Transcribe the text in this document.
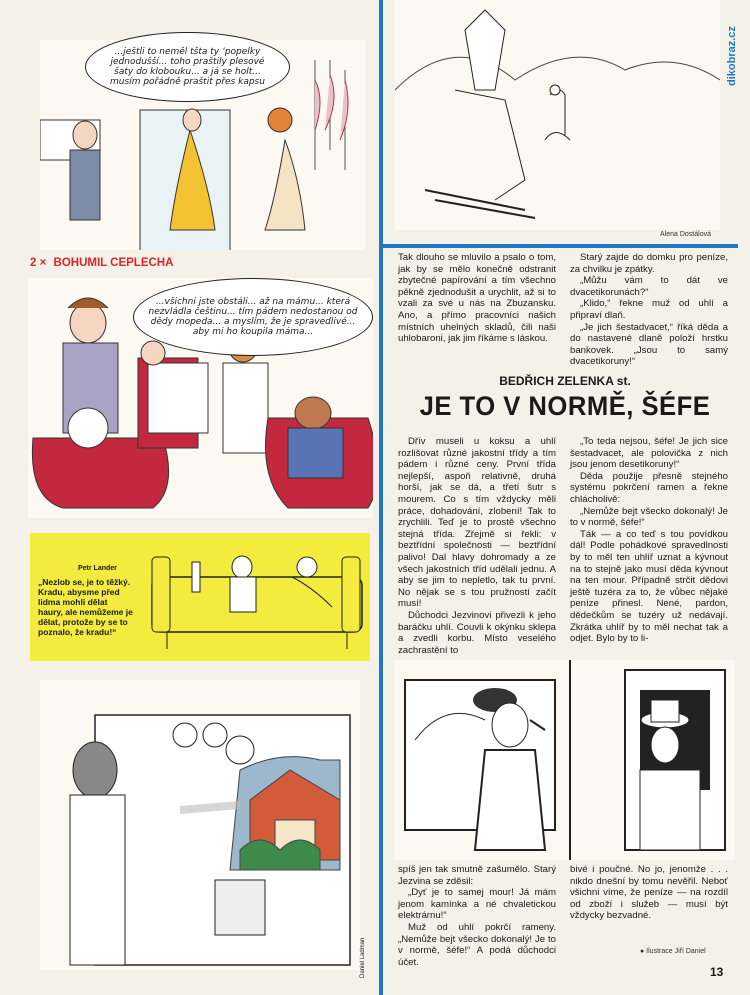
dikobraz.cz
...ještli to neměl tšta ty ‘popelky jednodušší... toho praštily plesové šaty do klobouku... a já se holt... musím pořádně praštit přes kapsu
2 × BOHUMIL CEPLECHA
...všichni jste obstáli... až na mámu... která nezvládla češtinu... tím pádem nedostanou od dědy mopeda... a myslím, že je spravedlivé... aby mi ho koupila máma...
Petr Lander
„Nezlob se, je to těžký. Kradu, abysme před lidma mohli dělat haury, ale nemůžeme je dělat, protože by se to poznalo, že kradu!“
Daniel Ladman
Alena Dostálová

Tak dlouho se mluvilo a psalo o tom, jak by se mělo konečně odstranit zbytečné papírování a tím všechno pěkně zjednodušit a urychlit, až si to vzali za své u nás na Zbuzansku. Ano, a přímo pracovníci našich místních uhelných skladů, čili naši uhlobaroni, jak jim říkáme s láskou.

Starý zajde do domku pro peníze, za chvilku je zpátky.

„Můžu vám to dát ve dvacetikorunách?“

„Klido,“ řekne muž od uhlí a připraví dlaň.

„Je jich šestadvacet,“ říká děda a do nastavené dlaně položí hrstku bankovek. „Jsou to samý dvacetikoruny!“

BEDŘICH ZELENKA st.
JE TO V NORMĚ, ŠÉFE

Dřív museli u koksu a uhlí rozlišovat různé jakostní třídy a tím pádem i různé ceny. První třída nejlepší, aspoň relativně, druhá horší, jak se dá, a třetí šutr s mourem. Co s tím vždycky měli práce, dohadování, zlobení! Tak to zrychlili. Teď je to prostě všechno stejná třída. Zřejmě si řekli: v beztřídní společnosti — beztřídní palivo! Dal hlavy dohromady a ze všech jakostních tříd udělali jednu. A aby se jim to nepletlo, tak tu první. No nějak se s tou pružností začít musí!

Důchodci Jezvinovi přivezli k jeho baráčku uhlí. Couvli k okýnku sklepa a zvedli korbu. Místo veselého zachrastění to

„To teda nejsou, šéfe! Je jich sice šestadvacet, ale polovička z nich jsou jenom desetikoruny!“

Děda použije přesně stejného systému pokrčení ramen a řekne chlácholivě:

„Nemůže bejt všecko dokonalý! Je to v normě, šéfe!“

Ták — a co teď s tou povídkou dál! Podle pohádkové spravedlnosti by to měl ten uhlíř uznat a kývnout na to stejně jako musí děda kývnout na ten mour. Případně strčit dědovi ještě tuzéra za to, že vůbec nějaké peníze přinesl. Nené, pardon, dědečkům se tuzéry už nedávají. Zkrátka uhlíř by to měl nechat tak a odjet. Bylo by to li-

spíš jen tak smutně zašumělo. Starý Jezvina se zděsil:

„Dyť je to samej mour! Já mám jenom kamínka a né chvaletickou elektrárnu!“

Muž od uhlí pokrčí rameny. „Nemůže bejt všecko dokonalý! Je to v normě, šéfe!“ A podá důchodci účet.

bivé i poučné. No jo, jenomže . . . nikdo dnešní by tomu nevěřil. Neboť všichni víme, že peníze — na rozdíl od zboží i služeb — musí být vždycky bezvadné.

● Ilustrace Jiří Daniel
13
